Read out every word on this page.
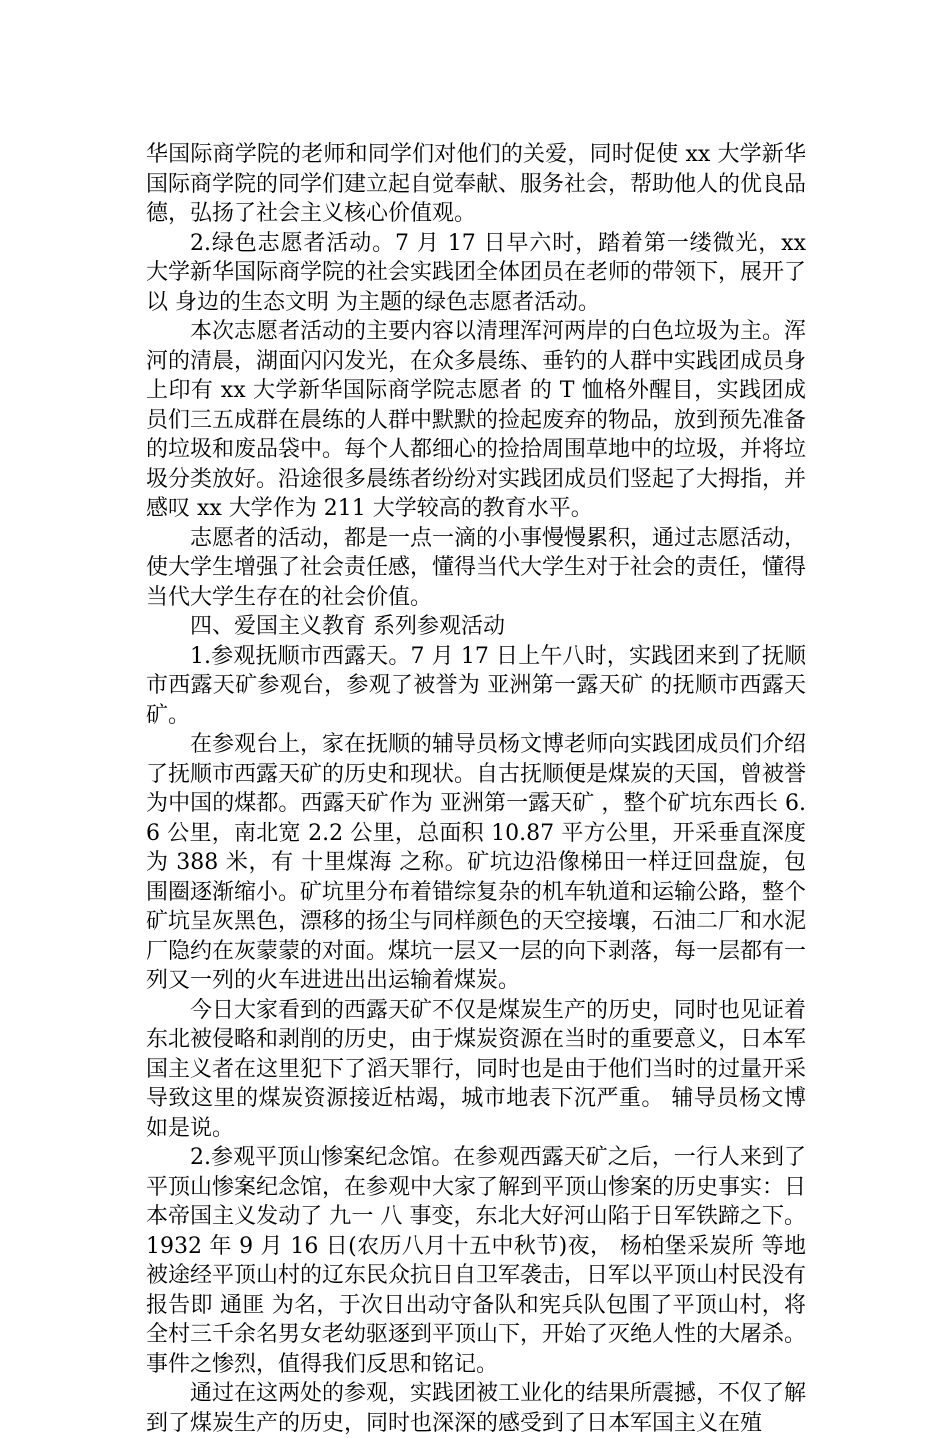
华国际商学院的老师和同学们对他们的关爱，同时促使 xx 大学新华国际商学院的同学们建立起自觉奉献、服务社会，帮助他人的优良品德，弘扬了社会主义核心价值观。

2.绿色志愿者活动。7 月 17 日早六时，踏着第一缕微光，xx 大学新华国际商学院的社会实践团全体团员在老师的带领下，展开了以 身边的生态文明 为主题的绿色志愿者活动。

本次志愿者活动的主要内容以清理浑河两岸的白色垃圾为主。浑河的清晨，湖面闪闪发光，在众多晨练、垂钓的人群中实践团成员身上印有 xx 大学新华国际商学院志愿者 的 T 恤格外醒目，实践团成员们三五成群在晨练的人群中默默的捡起废弃的物品，放到预先准备的垃圾和废品袋中。每个人都细心的捡拾周围草地中的垃圾，并将垃圾分类放好。沿途很多晨练者纷纷对实践团成员们竖起了大拇指，并感叹 xx 大学作为 211 大学较高的教育水平。

志愿者的活动，都是一点一滴的小事慢慢累积，通过志愿活动，使大学生增强了社会责任感，懂得当代大学生对于社会的责任，懂得当代大学生存在的社会价值。

四、爱国主义教育 系列参观活动

1.参观抚顺市西露天。7 月 17 日上午八时，实践团来到了抚顺市西露天矿参观台，参观了被誉为 亚洲第一露天矿 的抚顺市西露天矿。

在参观台上，家在抚顺的辅导员杨文博老师向实践团成员们介绍了抚顺市西露天矿的历史和现状。自古抚顺便是煤炭的天国，曾被誉为中国的煤都。西露天矿作为 亚洲第一露天矿 ，整个矿坑东西长 6.6 公里，南北宽 2.2 公里，总面积 10.87 平方公里，开采垂直深度为 388 米，有 十里煤海 之称。矿坑边沿像梯田一样迂回盘旋，包围圈逐渐缩小。矿坑里分布着错综复杂的机车轨道和运输公路，整个矿坑呈灰黑色，漂移的扬尘与同样颜色的天空接壤，石油二厂和水泥厂隐约在灰蒙蒙的对面。煤坑一层又一层的向下剥落，每一层都有一列又一列的火车进进出出运输着煤炭。

今日大家看到的西露天矿不仅是煤炭生产的历史，同时也见证着东北被侵略和剥削的历史，由于煤炭资源在当时的重要意义，日本军国主义者在这里犯下了滔天罪行，同时也是由于他们当时的过量开采导致这里的煤炭资源接近枯竭，城市地表下沉严重。 辅导员杨文博如是说。

2.参观平顶山惨案纪念馆。在参观西露天矿之后，一行人来到了平顶山惨案纪念馆，在参观中大家了解到平顶山惨案的历史事实：日本帝国主义发动了 九一 八 事变，东北大好河山陷于日军铁蹄之下。1932 年 9 月 16 日(农历八月十五中秋节)夜， 杨柏堡采炭所 等地被途经平顶山村的辽东民众抗日自卫军袭击，日军以平顶山村民没有报告即 通匪 为名，于次日出动守备队和宪兵队包围了平顶山村，将全村三千余名男女老幼驱逐到平顶山下，开始了灭绝人性的大屠杀。事件之惨烈，值得我们反思和铭记。

通过在这两处的参观，实践团被工业化的结果所震撼，不仅了解到了煤炭生产的历史，同时也深深的感受到了日本军国主义在殖
